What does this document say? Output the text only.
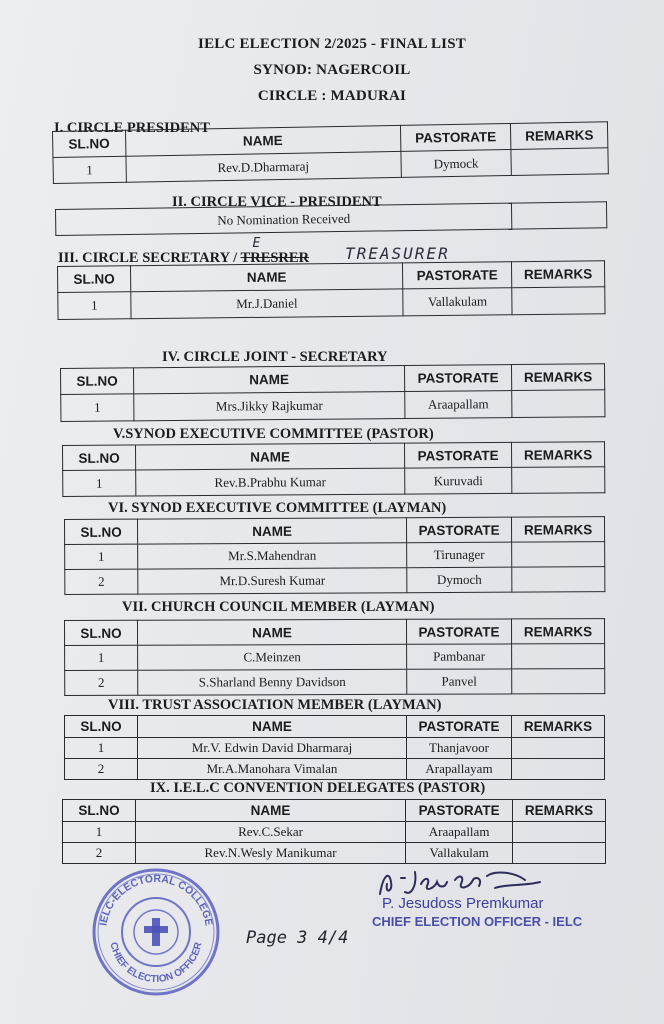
IELC ELECTION 2/2025 - FINAL LIST
SYNOD: NAGERCOIL
CIRCLE : MADURAI
I. CIRCLE PRESIDENT
SL.NO	NAME	PASTORATE	REMARKS
1	Rev.D.Dharmaraj	Dymock	
II. CIRCLE VICE - PRESIDENT
No Nomination Received	
III. CIRCLE SECRETARY / TRESRER
E
TREASURER
SL.NO	NAME	PASTORATE	REMARKS
1	Mr.J.Daniel	Vallakulam	
IV. CIRCLE JOINT - SECRETARY
SL.NO	NAME	PASTORATE	REMARKS
1	Mrs.Jikky Rajkumar	Araapallam	
V.SYNOD EXECUTIVE COMMITTEE (PASTOR)
SL.NO	NAME	PASTORATE	REMARKS
1	Rev.B.Prabhu Kumar	Kuruvadi	
VI. SYNOD EXECUTIVE COMMITTEE (LAYMAN)
SL.NO	NAME	PASTORATE	REMARKS
1	Mr.S.Mahendran	Tirunager	
2	Mr.D.Suresh Kumar	Dymoch	
VII. CHURCH COUNCIL MEMBER (LAYMAN)
SL.NO	NAME	PASTORATE	REMARKS
1	C.Meinzen	Pambanar	
2	S.Sharland Benny Davidson	Panvel	
VIII. TRUST ASSOCIATION MEMBER (LAYMAN)
SL.NO	NAME	PASTORATE	REMARKS
1	Mr.V. Edwin David Dharmaraj	Thanjavoor	
2	Mr.A.Manohara Vimalan	Arapallayam	
IX. I.E.L.C CONVENTION DELEGATES (PASTOR)
SL.NO	NAME	PASTORATE	REMARKS
1	Rev.C.Sekar	Araapallam	
2	Rev.N.Wesly Manikumar	Vallakulam	
IELC-ELECTORAL COLLEGE
CHIEF ELECTION OFFICER
P. Jesudoss Premkumar
CHIEF ELECTION OFFICER - IELC
Page 3 4/4
